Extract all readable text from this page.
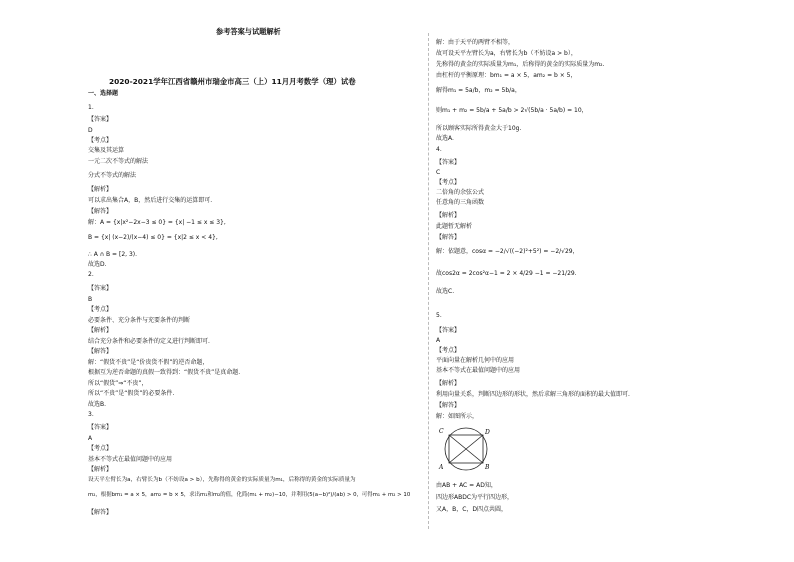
参考答案与试题解析
2020-2021学年江西省赣州市瑞金市高三（上）11月月考数学（理）试卷
一、选择题
1.
【答案】
D
【考点】
交集及其运算
一元二次不等式的解法
分式不等式的解法
【解析】
可以求出集合A，B，然后进行交集的运算即可.
【解答】
解：A = {x|x²−2x−3 ≤ 0} = {x| −1 ≤ x ≤ 3},
B = {x| (x−2)/(x−4) ≤ 0} = {x|2 ≤ x < 4},
∴ A ∩ B = [2, 3).
故选D.
2.
【答案】
B
【考点】
必要条件、充分条件与充要条件的判断
【解析】
结合充分条件和必要条件的定义进行判断即可.
【解答】
解：“假货不贵”是“价贵货不假”的逆否命题，
根据互为逆否命题的真假一致得到：“假货不贵”是真命题.
所以“假货”⇒“不贵”，
所以“不贵”是“假货”的必要条件.
故选B.
3.
【答案】
A
【考点】
基本不等式在最值问题中的应用
【解析】
设天平左臂长为a，右臂长为b（不妨设a > b），先称得的黄金的实际质量为m₁，后称得的黄金的实际质量为
m₂，根据bm₁ = a × 5，am₂ = b × 5，求出m₁和m₂的值，化简(m₁ + m₂)−10，并利用(5(a−b)²)/(ab) > 0，可得m₁ + m₂ > 10
【解答】
解：由于天平的两臂不相等，
故可设天平左臂长为a，右臂长为b（不妨设a > b），
先称得的黄金的实际质量为m₁，后称得的黄金的实际质量为m₂.
由杠杆的平衡原理：bm₁ = a × 5，am₂ = b × 5，
解得m₁ = 5a/b，m₂ = 5b/a，
则m₁ + m₂ = 5b/a + 5a/b > 2√(5b/a · 5a/b) = 10，
所以顾客实际所得黄金大于10g.
故选A.
4.
【答案】
C
【考点】
二倍角的余弦公式
任意角的三角函数
【解析】
此题暂无解析
【解答】
解：依题意，cosα = −2/√((−2)²+5²) = −2/√29，
故cos2α = 2cos²α−1 = 2 × 4/29 −1 = −21/29.
故选C.
5.
【答案】
A
【考点】
平面向量在解析几何中的应用
基本不等式在最值问题中的应用
【解析】
利用向量关系，判断四边形的形状，然后求解三角形的面积的最大值即可.
【解答】
解：如图所示，
由AB + AC = AD知，
四边形ABDC为平行四边形，
又A，B，C，D四点共圆，
C	D
A	B
